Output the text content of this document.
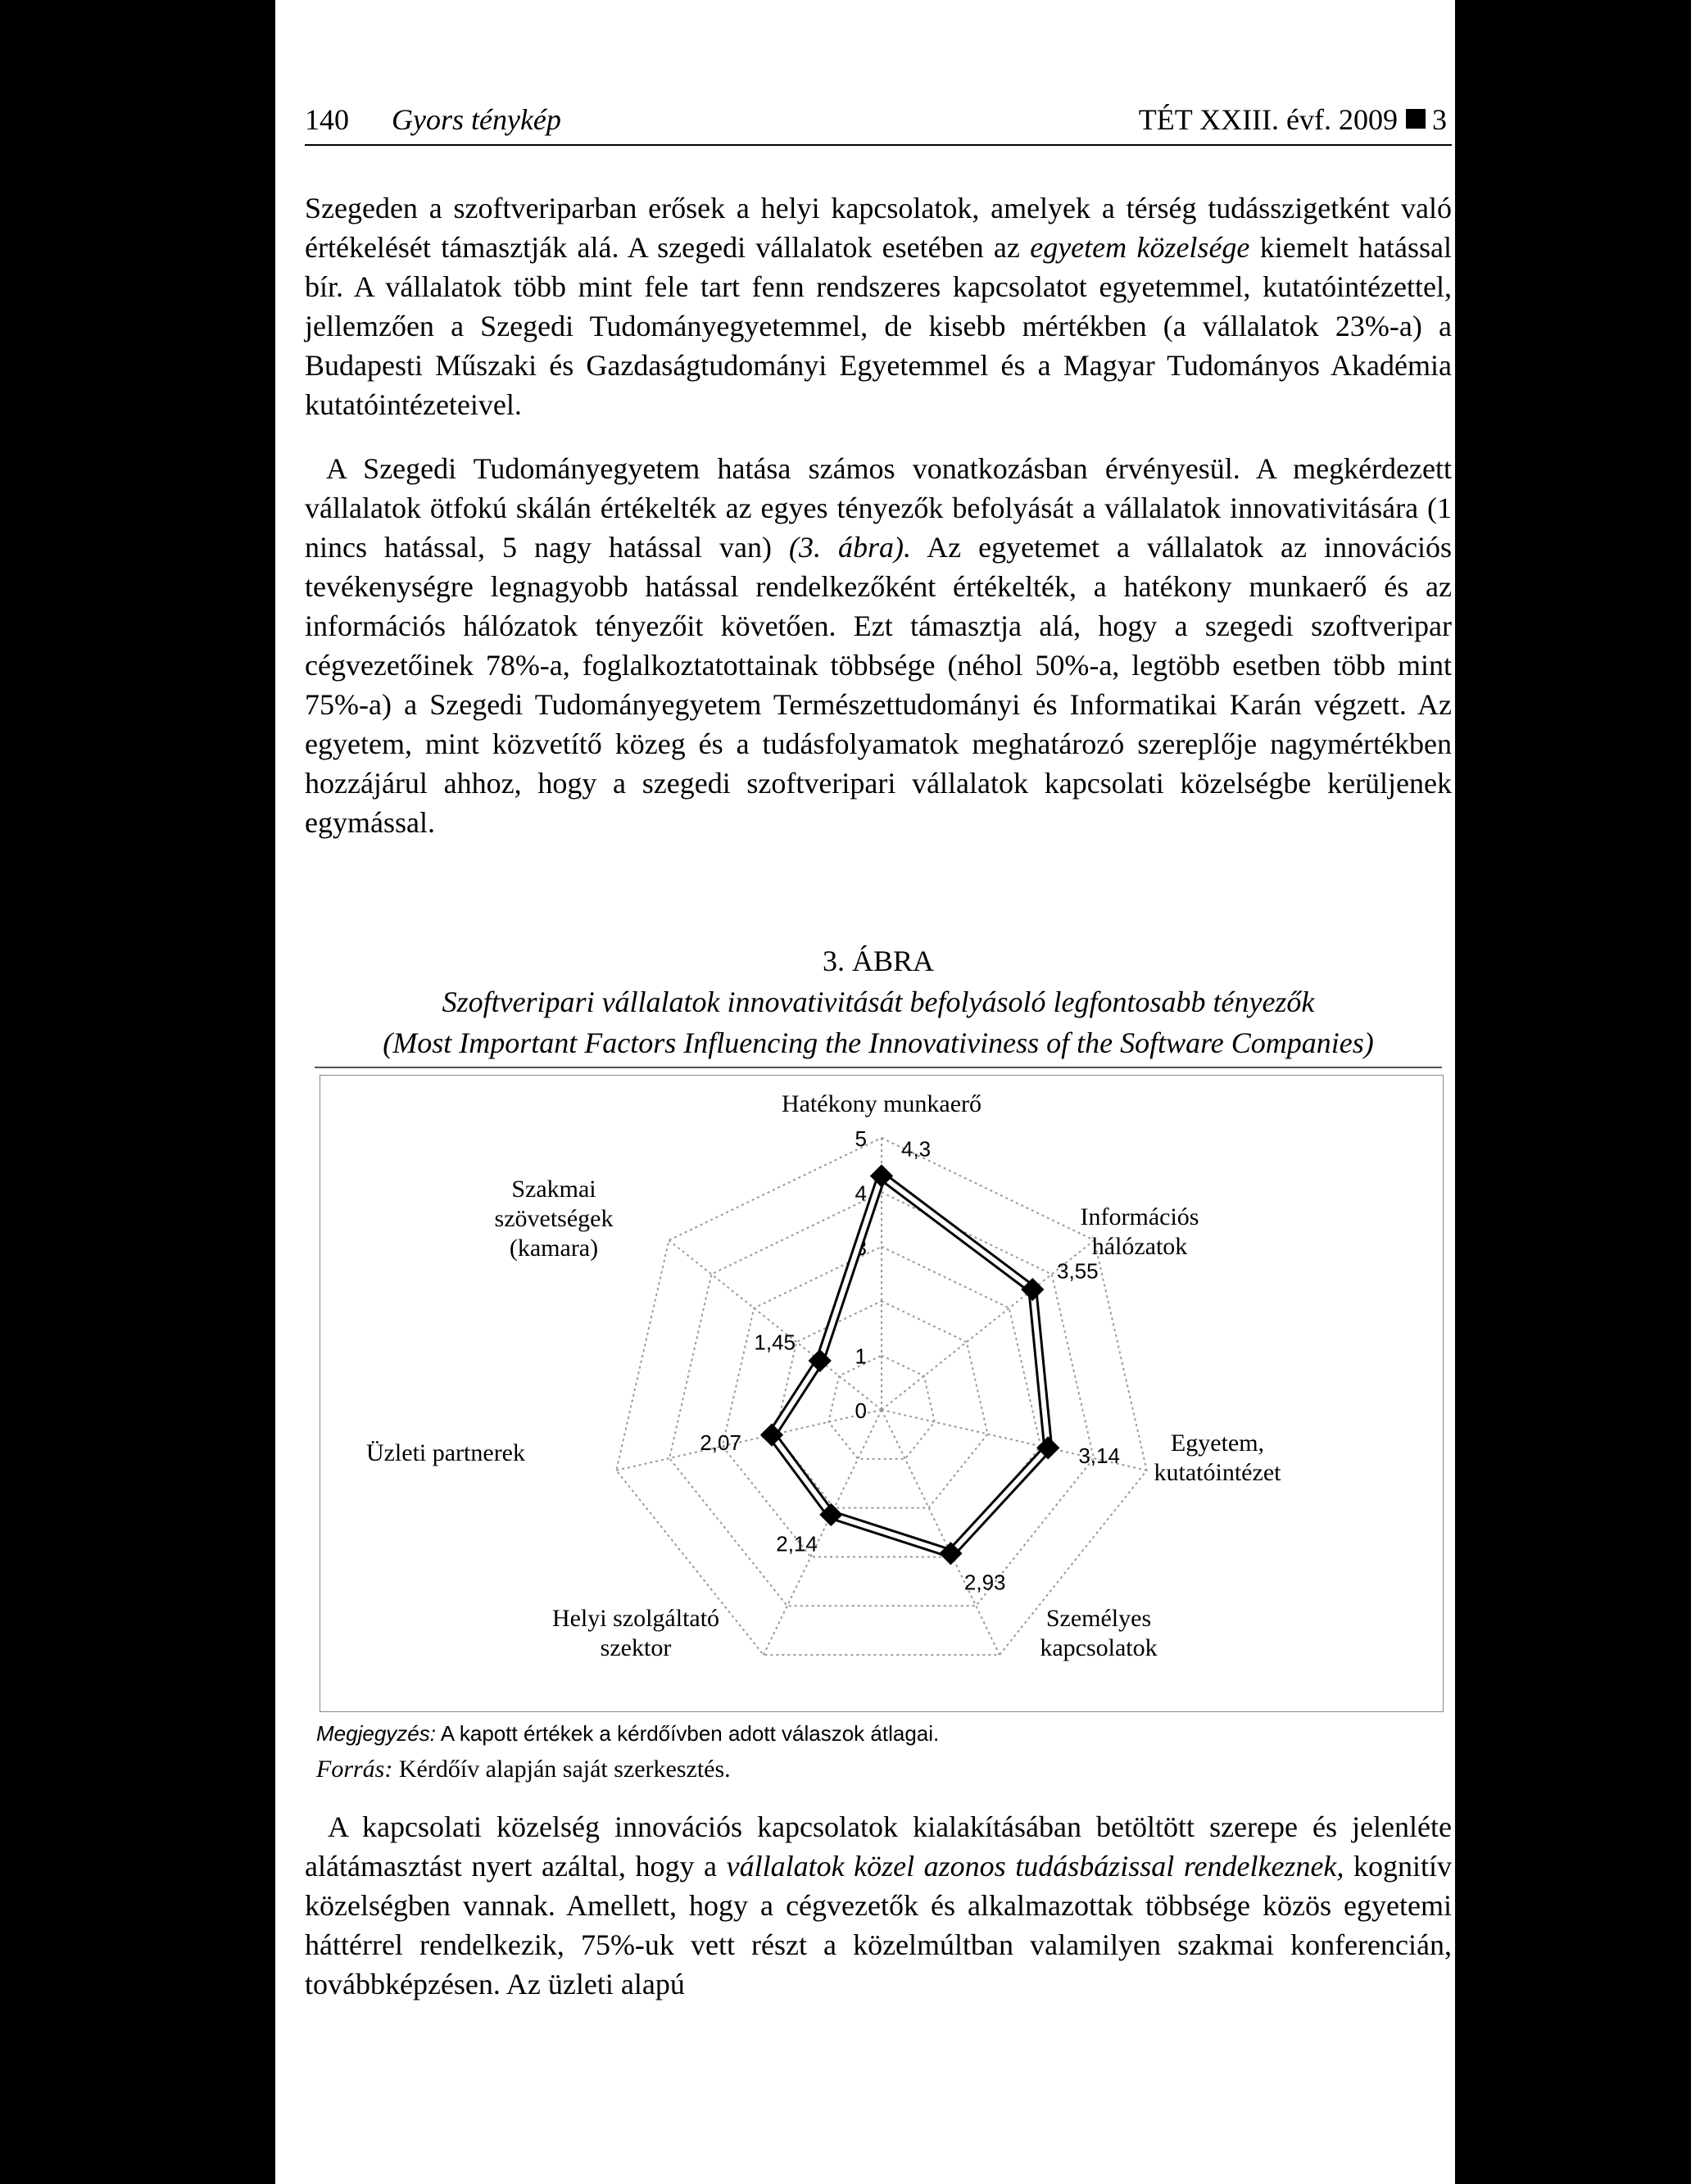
140 Gyors ténykép	TÉT XXIII. évf. 2009 3

Szegeden a szoftveriparban erősek a helyi kapcsolatok, amelyek a térség tudásszigetként való értékelését támasztják alá. A szegedi vállalatok esetében az egyetem közelsége kiemelt hatással bír. A vállalatok több mint fele tart fenn rendszeres kapcsolatot egyetemmel, kutatóintézettel, jellemzően a Szegedi Tudományegyetemmel, de kisebb mértékben (a vállalatok 23%-a) a Budapesti Műszaki és Gazdaságtudományi Egyetemmel és a Magyar Tudományos Akadémia kutatóintézeteivel.

A Szegedi Tudományegyetem hatása számos vonatkozásban érvényesül. A megkérdezett vállalatok ötfokú skálán értékelték az egyes tényezők befolyását a vállalatok innovativitására (1 nincs hatással, 5 nagy hatással van) (3. ábra). Az egyetemet a vállalatok az innovációs tevékenységre legnagyobb hatással rendelkezőként értékelték, a hatékony munkaerő és az információs hálózatok tényezőit követően. Ezt támasztja alá, hogy a szegedi szoftveripar cégvezetőinek 78%-a, foglalkoztatottainak többsége (néhol 50%-a, legtöbb esetben több mint 75%-a) a Szegedi Tudományegyetem Természettudományi és Informatikai Karán végzett. Az egyetem, mint közvetítő közeg és a tudásfolyamatok meghatározó szereplője nagymértékben hozzájárul ahhoz, hogy a szegedi szoftveripari vállalatok kapcsolati közelségbe kerüljenek egymással.

3. ÁBRA
Szoftveripari vállalatok innovativitását befolyásoló legfontosabb tényezők
(Most Important Factors Influencing the Innovativiness of the Software Companies)
0
1
3
4
5 4,3
3,55
3,14
2,93
2,14
2,07
1,45
Hatékony munkaerő
Információs hálózatok
Egyetem, kutatóintézet
Személyes kapcsolatok
Helyi szolgáltató szektor
Üzleti partnerek
Szakmai szövetségek (kamara)
Megjegyzés: A kapott értékek a kérdőívben adott válaszok átlagai.
Forrás: Kérdőív alapján saját szerkesztés.

A kapcsolati közelség innovációs kapcsolatok kialakításában betöltött szerepe és jelenléte alátámasztást nyert azáltal, hogy a vállalatok közel azonos tudásbázissal rendelkeznek, kognitív közelségben vannak. Amellett, hogy a cégvezetők és alkalmazottak többsége közös egyetemi háttérrel rendelkezik, 75%-uk vett részt a közelmúltban valamilyen szakmai konferencián, továbbképzésen. Az üzleti alapú
